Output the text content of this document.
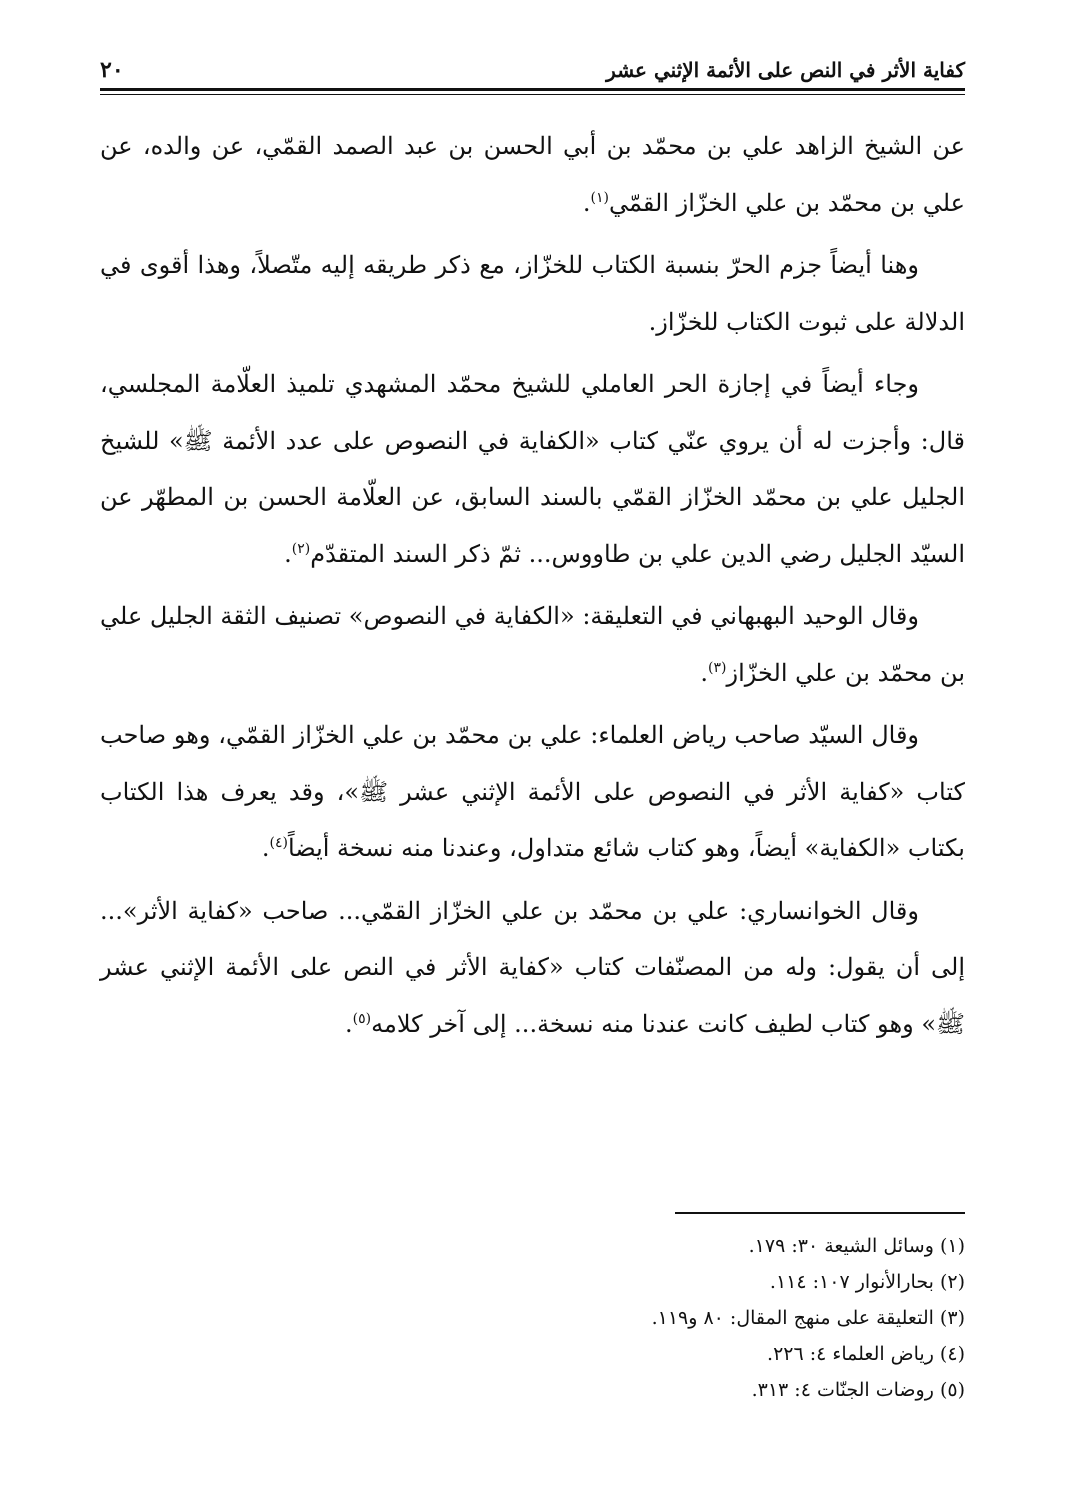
كفاية الأثر في النص على الأئمة الإثني عشر
٢٠

عن الشيخ الزاهد علي بن محمّد بن أبي الحسن بن عبد الصمد القمّي، عن والده، عن علي بن محمّد بن علي الخزّاز القمّي$^{(١)}$.

وهنا أيضاً جزم الحرّ بنسبة الكتاب للخزّاز، مع ذكر طريقه إليه متّصلاً، وهذا أقوى في الدلالة على ثبوت الكتاب للخزّاز.

وجاء أيضاً في إجازة الحر العاملي للشيخ محمّد المشهدي تلميذ العلّامة المجلسي، قال: وأجزت له أن يروي عنّي كتاب «الكفاية في النصوص على عدد الأئمة ﷺ» للشيخ الجليل علي بن محمّد الخزّاز القمّي بالسند السابق، عن العلّامة الحسن بن المطهّر عن السيّد الجليل رضي الدين علي بن طاووس... ثمّ ذكر السند المتقدّم$^{(٢)}$.

وقال الوحيد البهبهاني في التعليقة: «الكفاية في النصوص» تصنيف الثقة الجليل علي بن محمّد بن علي الخزّاز$^{(٣)}$.

وقال السيّد صاحب رياض العلماء: علي بن محمّد بن علي الخزّاز القمّي، وهو صاحب كتاب «كفاية الأثر في النصوص على الأئمة الإثني عشر ﷺ»، وقد يعرف هذا الكتاب بكتاب «الكفاية» أيضاً، وهو كتاب شائع متداول، وعندنا منه نسخة أيضاً$^{(٤)}$.

وقال الخوانساري: علي بن محمّد بن علي الخزّاز القمّي... صاحب «كفاية الأثر»... إلى أن يقول: وله من المصنّفات كتاب «كفاية الأثر في النص على الأئمة الإثني عشر ﷺ» وهو كتاب لطيف كانت عندنا منه نسخة... إلى آخر كلامه$^{(٥)}$.

(١) وسائل الشيعة ٣٠: ١٧٩.
(٢) بحارالأنوار ١٠٧: ١١٤.
(٣) التعليقة على منهج المقال: ٨٠ و١١٩.
(٤) رياض العلماء ٤: ٢٢٦.
(٥) روضات الجنّات ٤: ٣١٣.
